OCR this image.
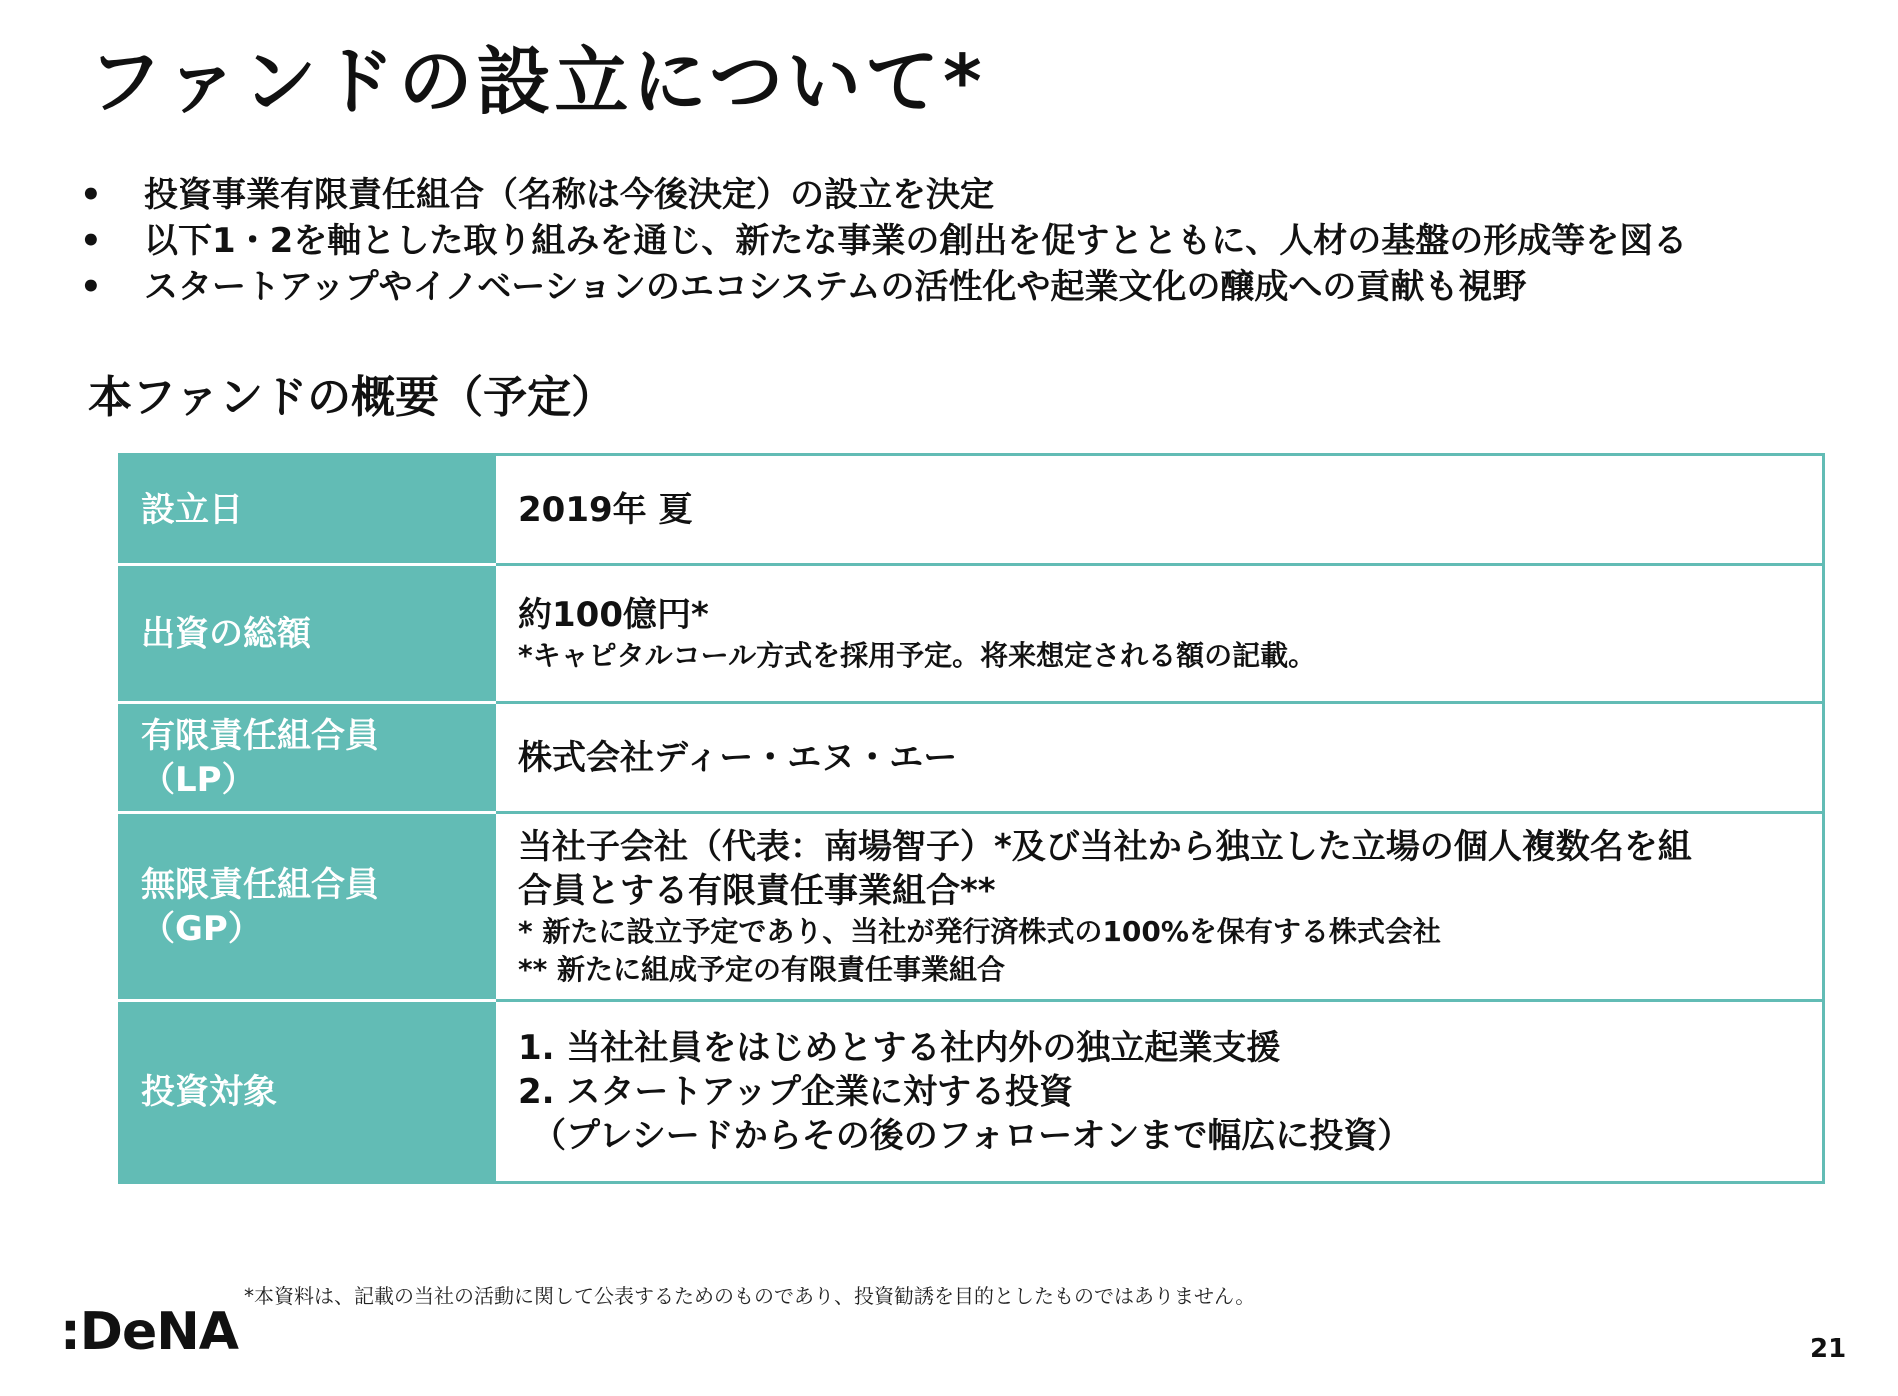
ファンドの設立について*
•	投資事業有限責任組合（名称は今後決定）の設立を決定
•	以下1・2を軸とした取り組みを通じ、新たな事業の創出を促すとともに、人材の基盤の形成等を図る
•	スタートアップやイノベーションのエコシステムの活性化や起業文化の醸成への貢献も視野
本ファンドの概要（予定）
設立日	2019年 夏

出資の総額	約100億円*
*キャピタルコール方式を採用予定。将来想定される額の記載。

有限責任組合員
（LP）	株式会社ディー・エヌ・エー

無限責任組合員
（GP）	当社子会社（代表：南場智子）*及び当社から独立した立場の個人複数名を組
合員とする有限責任事業組合**
* 新たに設立予定であり、当社が発行済株式の100%を保有する株式会社
** 新たに組成予定の有限責任事業組合

投資対象	1. 当社社員をはじめとする社内外の独立起業支援
2. スタートアップ企業に対する投資
（プレシードからその後のフォローオンまで幅広に投資）

*本資料は、記載の当社の活動に関して公表するためのものであり、投資勧誘を目的としたものではありません。

:DeNA	21
